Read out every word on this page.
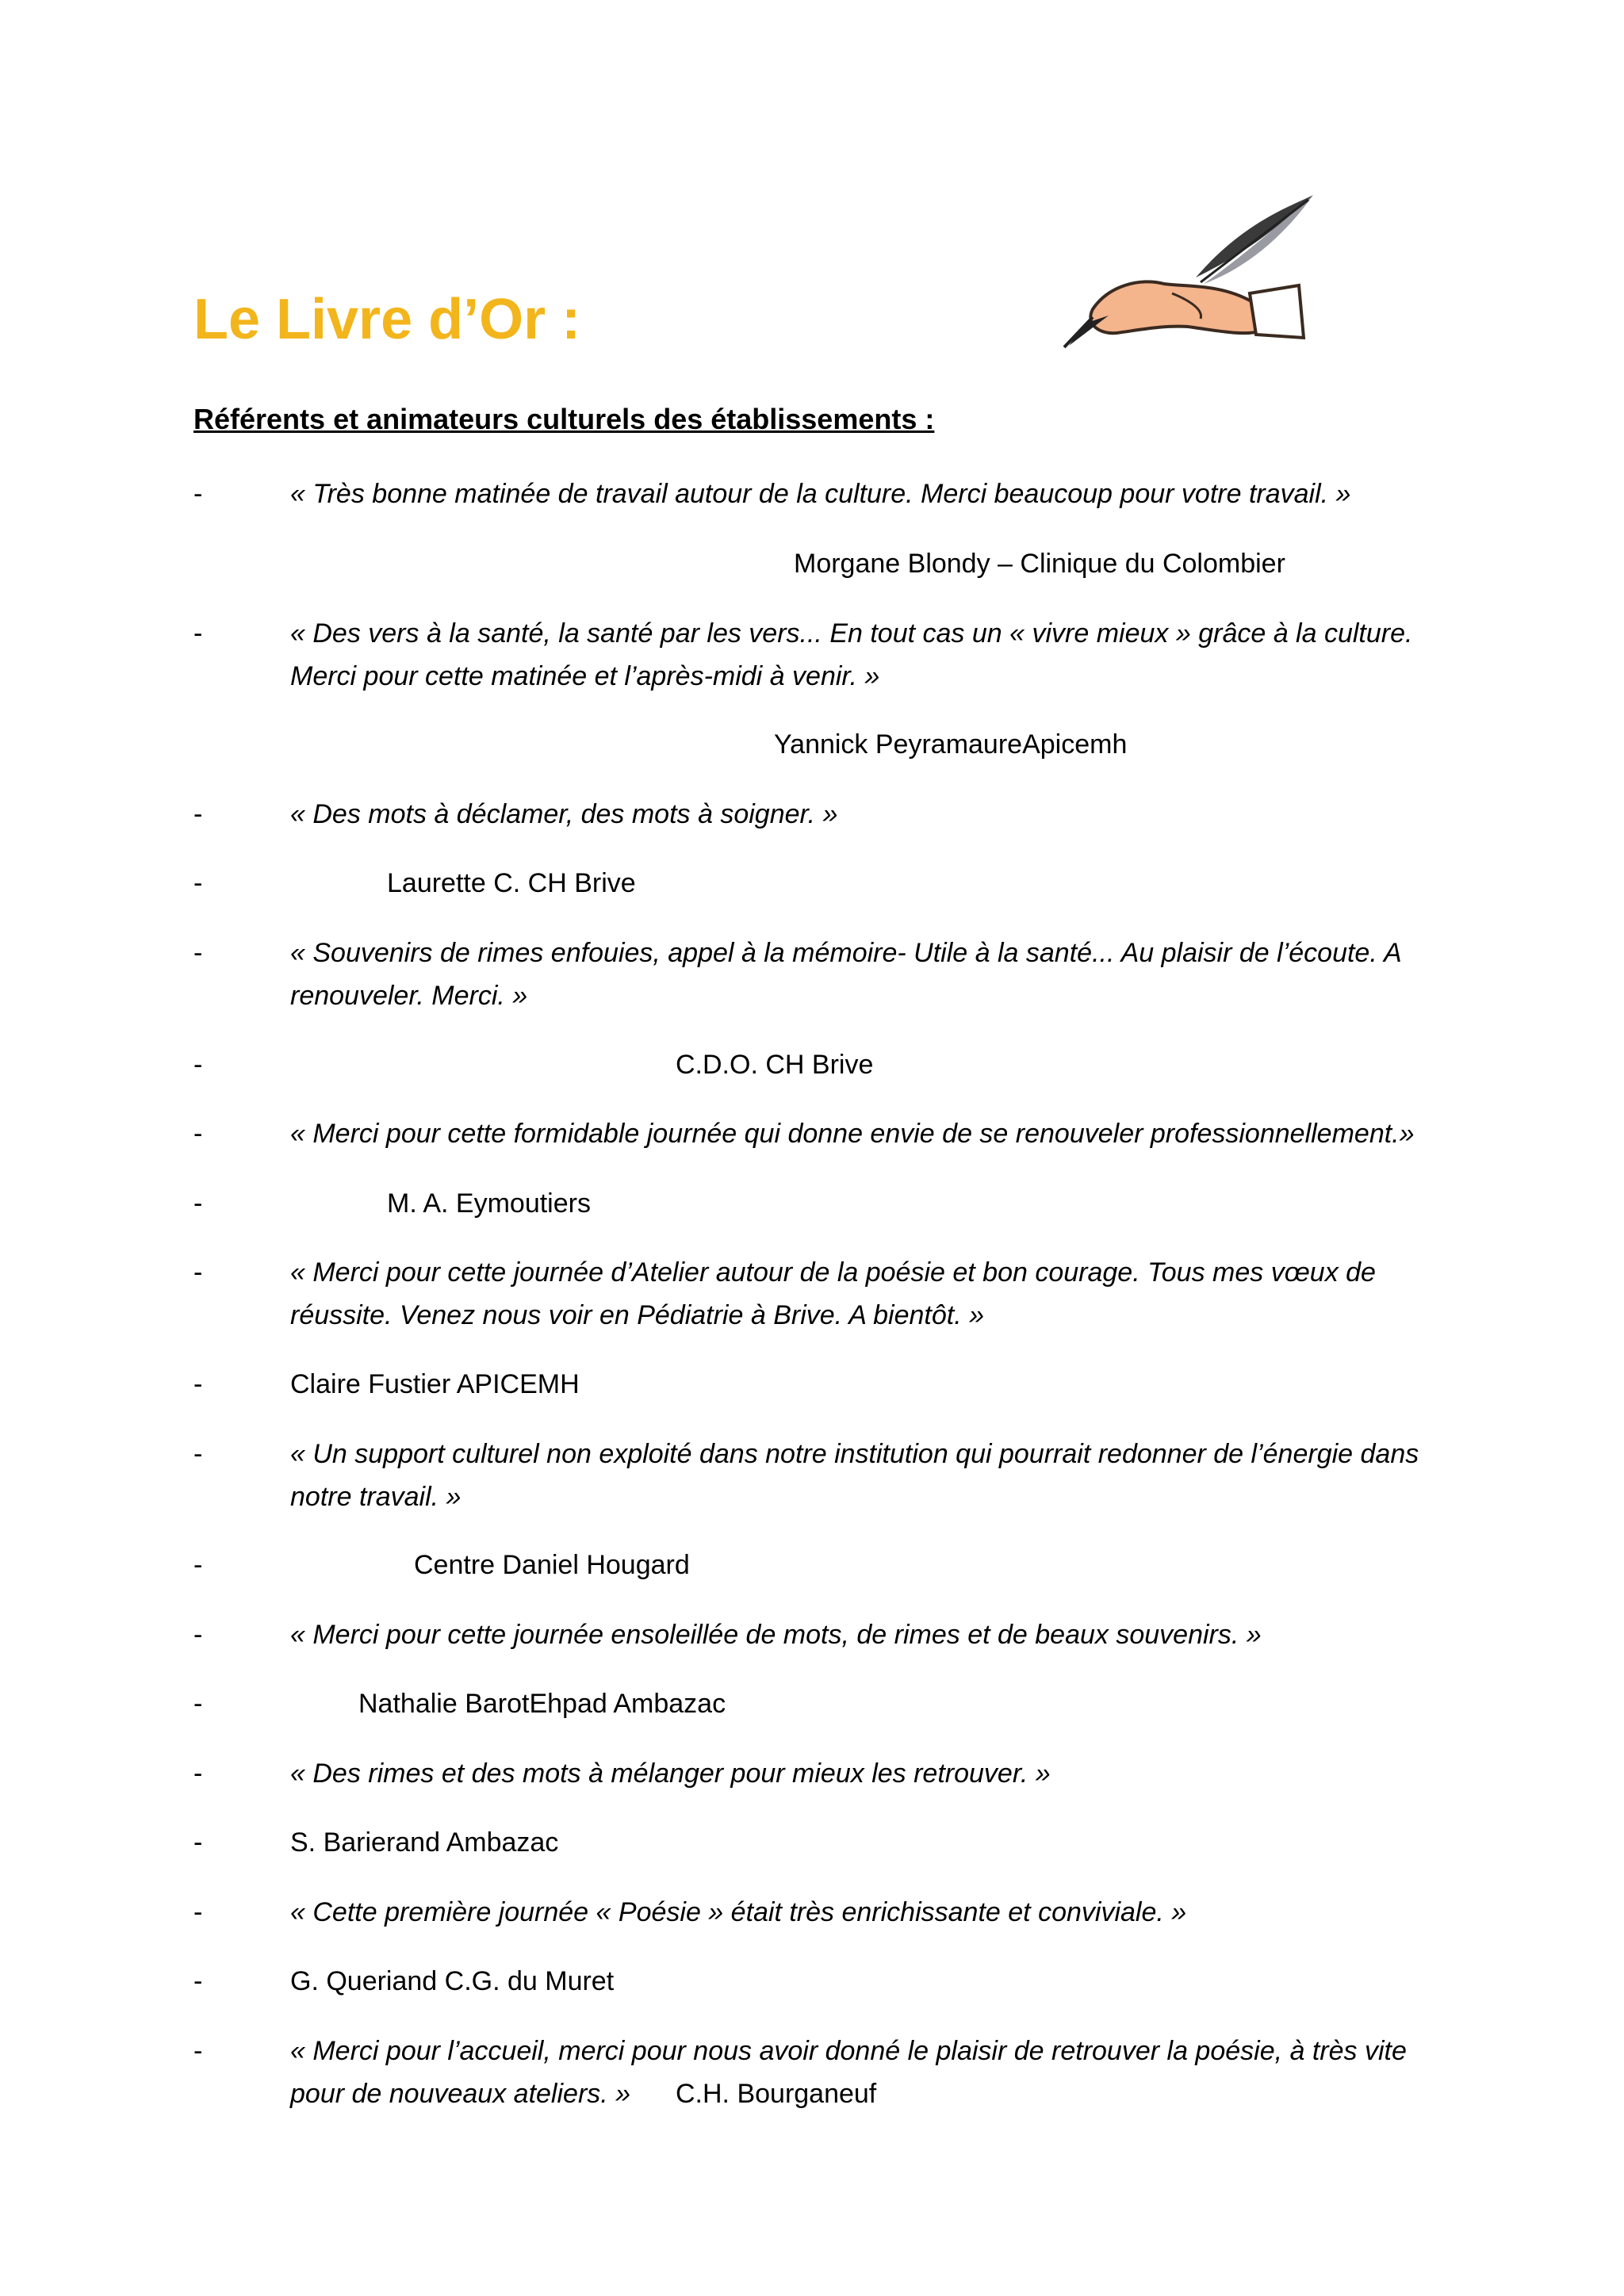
Le Livre d’Or :
Référents et animateurs culturels des établissements :
-	« Très bonne matinée de travail autour de la culture. Merci beaucoup pour votre travail. »
Morgane Blondy – Clinique du Colombier
-	« Des vers à la santé, la santé par les vers... En tout cas un « vivre mieux » grâce à la culture.
Merci pour cette matinée et l’après-midi à venir. »
Yannick PeyramaureApicemh
-	« Des mots à déclamer, des mots à soigner. »
-	Laurette C. CH Brive
-	« Souvenirs de rimes enfouies, appel à la mémoire- Utile à la santé... Au plaisir de l’écoute. A
renouveler. Merci. »
-	C.D.O. CH Brive
-	« Merci pour cette formidable journée qui donne envie de se renouveler professionnellement.»
-	M. A. Eymoutiers
-	« Merci pour cette journée d’Atelier autour de la poésie et bon courage. Tous mes vœux de
réussite. Venez nous voir en Pédiatrie à Brive. A bientôt. »
-	Claire Fustier APICEMH
-	« Un support culturel non exploité dans notre institution qui pourrait redonner de l’énergie dans
notre travail. »
-	Centre Daniel Hougard
-	« Merci pour cette journée ensoleillée de mots, de rimes et de beaux souvenirs. »
-	Nathalie BarotEhpad Ambazac
-	« Des rimes et des mots à mélanger pour mieux les retrouver. »
-	S. Barierand Ambazac
-	« Cette première journée « Poésie » était très enrichissante et conviviale. »
-	G. Queriand C.G. du Muret
-	« Merci pour l’accueil, merci pour nous avoir donné le plaisir de retrouver la poésie, à très vite
pour de nouveaux ateliers. » C.H. Bourganeuf
